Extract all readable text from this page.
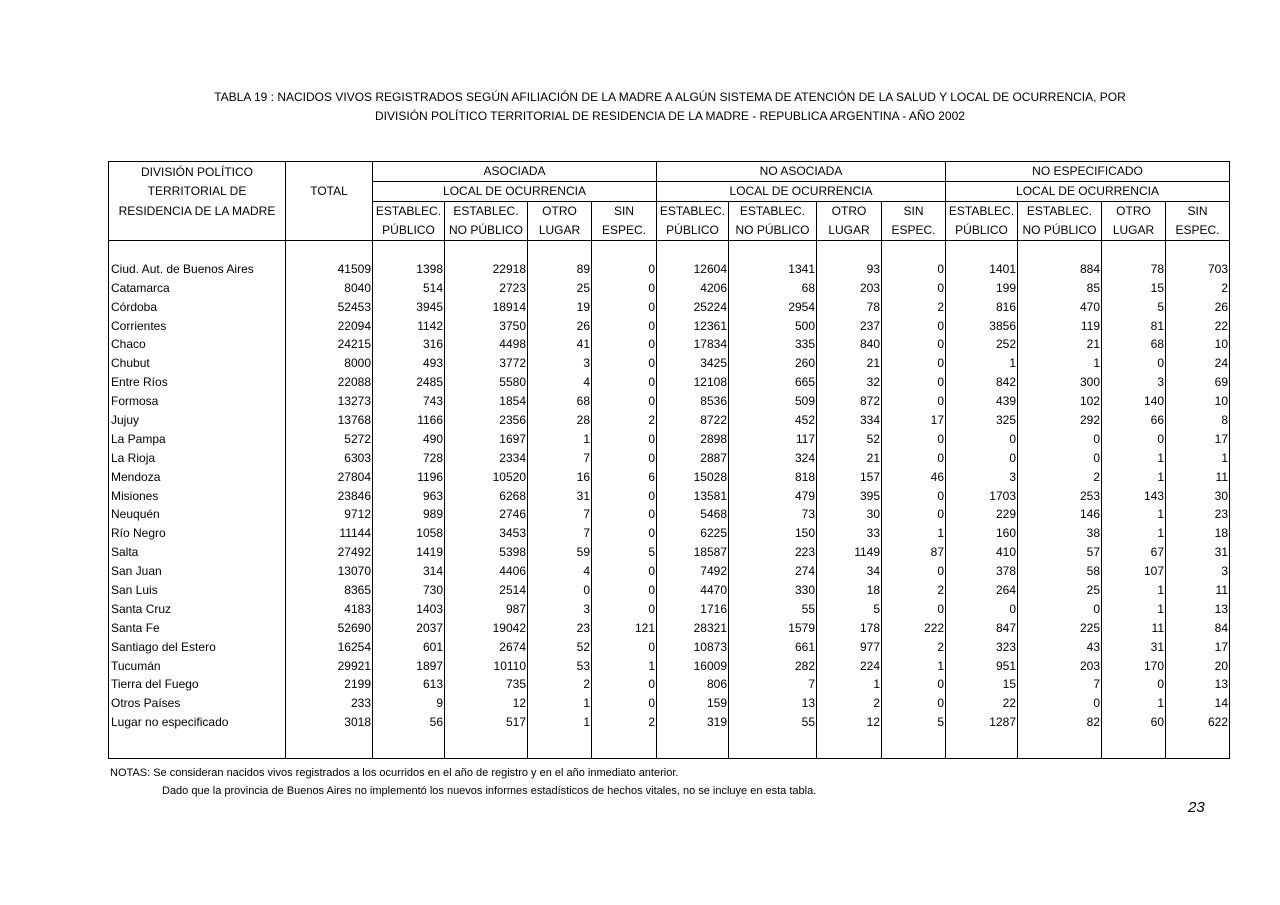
TABLA 19 : NACIDOS VIVOS REGISTRADOS SEGÚN AFILIACIÓN DE LA MADRE A ALGÚN SISTEMA DE ATENCIÓN DE LA SALUD Y LOCAL DE OCURRENCIA, POR
DIVISIÓN POLÍTICO TERRITORIAL DE RESIDENCIA DE LA MADRE - REPUBLICA ARGENTINA - AÑO 2002
DIVISIÓN POLÍTICO		ASOCIADA				NO ASOCIADA				NO ESPECIFICADO			
TERRITORIAL DE	TOTAL	LOCAL DE OCURRENCIA				LOCAL DE OCURRENCIA				LOCAL DE OCURRENCIA			
RESIDENCIA DE LA MADRE		ESTABLEC.	ESTABLEC.	OTRO	SIN	ESTABLEC.	ESTABLEC.	OTRO	SIN	ESTABLEC.	ESTABLEC.	OTRO	SIN
		PÚBLICO	NO PÚBLICO	LUGAR	ESPEC.	PÚBLICO	NO PÚBLICO	LUGAR	ESPEC.	PÚBLICO	NO PÚBLICO	LUGAR	ESPEC.

Ciud. Aut. de Buenos Aires	41509	1398	22918	89	0	12604	1341	93	0	1401	884	78	703
Catamarca	8040	514	2723	25	0	4206	68	203	0	199	85	15	2
Córdoba	52453	3945	18914	19	0	25224	2954	78	2	816	470	5	26
Corrientes	22094	1142	3750	26	0	12361	500	237	0	3856	119	81	22
Chaco	24215	316	4498	41	0	17834	335	840	0	252	21	68	10
Chubut	8000	493	3772	3	0	3425	260	21	0	1	1	0	24
Entre Ríos	22088	2485	5580	4	0	12108	665	32	0	842	300	3	69
Formosa	13273	743	1854	68	0	8536	509	872	0	439	102	140	10
Jujuy	13768	1166	2356	28	2	8722	452	334	17	325	292	66	8
La Pampa	5272	490	1697	1	0	2898	117	52	0	0	0	0	17
La Rioja	6303	728	2334	7	0	2887	324	21	0	0	0	1	1
Mendoza	27804	1196	10520	16	6	15028	818	157	46	3	2	1	11
Misiones	23846	963	6268	31	0	13581	479	395	0	1703	253	143	30
Neuquén	9712	989	2746	7	0	5468	73	30	0	229	146	1	23
Río Negro	11144	1058	3453	7	0	6225	150	33	1	160	38	1	18
Salta	27492	1419	5398	59	5	18587	223	1149	87	410	57	67	31
San Juan	13070	314	4406	4	0	7492	274	34	0	378	58	107	3
San Luis	8365	730	2514	0	0	4470	330	18	2	264	25	1	11
Santa Cruz	4183	1403	987	3	0	1716	55	5	0	0	0	1	13
Santa Fe	52690	2037	19042	23	121	28321	1579	178	222	847	225	11	84
Santiago del Estero	16254	601	2674	52	0	10873	661	977	2	323	43	31	17
Tucumán	29921	1897	10110	53	1	16009	282	224	1	951	203	170	20
Tierra del Fuego	2199	613	735	2	0	806	7	1	0	15	7	0	13
Otros Países	233	9	12	1	0	159	13	2	0	22	0	1	14
Lugar no especificado	3018	56	517	1	2	319	55	12	5	1287	82	60	622

NOTAS: Se consideran nacidos vivos registrados a los ocurridos en el año de registro y en el año inmediato anterior.
Dado que la provincia de Buenos Aires no implementó los nuevos informes estadísticos de hechos vitales, no se incluye en esta tabla.
23
